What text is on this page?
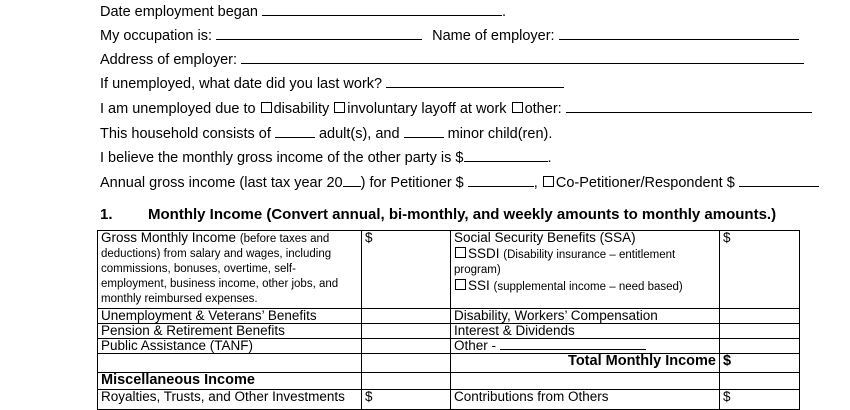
Date employment began	.
My occupation is:	Name of employer:
Address of employer:
If unemployed, what date did you last work?
I am unemployed due to disability involuntary layoff at work other:
This household consists of	adult(s), and	minor child(ren).
I believe the monthly gross income of the other party is $	.
Annual gross income (last tax year 20 ) for Petitioner $	, Co-Petitioner/Respondent $
1. Monthly Income (Convert annual, bi-monthly, and weekly amounts to monthly amounts.)
Gross Monthly Income (before taxes and deductions) from salary and wages, including commissions, bonuses, overtime, self-employment, business income, other jobs, and monthly reimbursed expenses.	$	Social Security Benefits (SSA)
SSDI (Disability insurance – entitlement program)
SSI (supplemental income – need based)	$
Unemployment & Veterans’ Benefits		Disability, Workers’ Compensation	
Pension & Retirement Benefits		Interest & Dividends	
Public Assistance (TANF)		Other -	
		Total Monthly Income	$
Miscellaneous Income			
Royalties, Trusts, and Other Investments	$	Contributions from Others	$
